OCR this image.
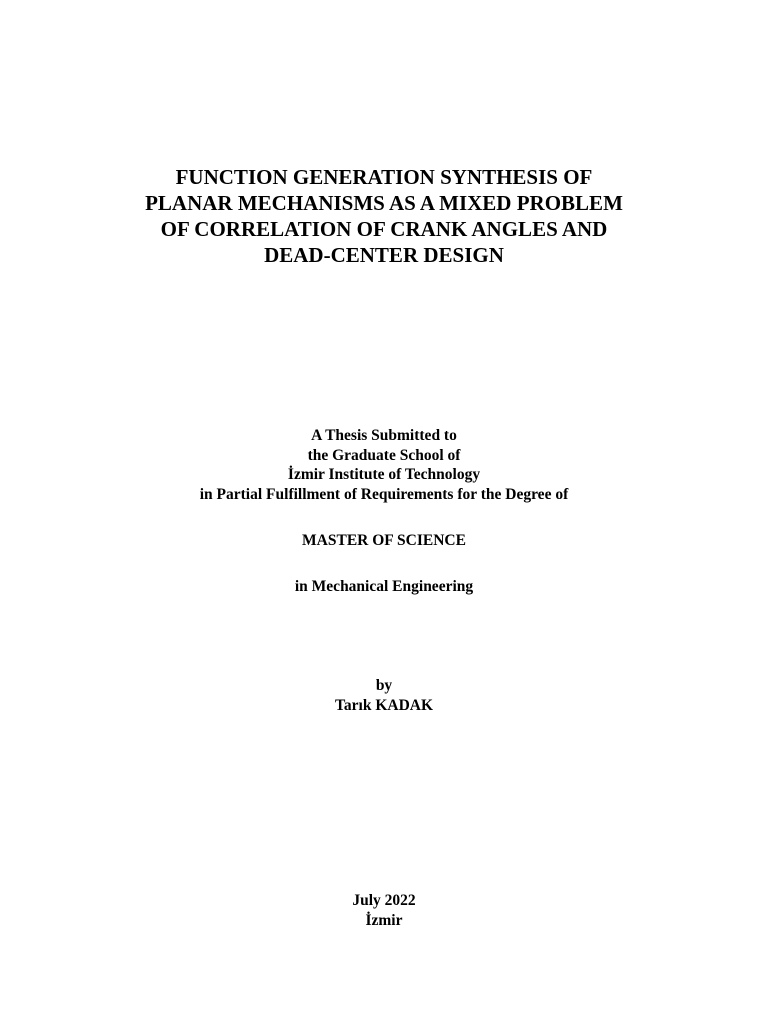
FUNCTION GENERATION SYNTHESIS OF
PLANAR MECHANISMS AS A MIXED PROBLEM
OF CORRELATION OF CRANK ANGLES AND
DEAD-CENTER DESIGN
A Thesis Submitted to
the Graduate School of
İzmir Institute of Technology
in Partial Fulfillment of Requirements for the Degree of
MASTER OF SCIENCE
in Mechanical Engineering
by
Tarık KADAK
July 2022
İzmir
